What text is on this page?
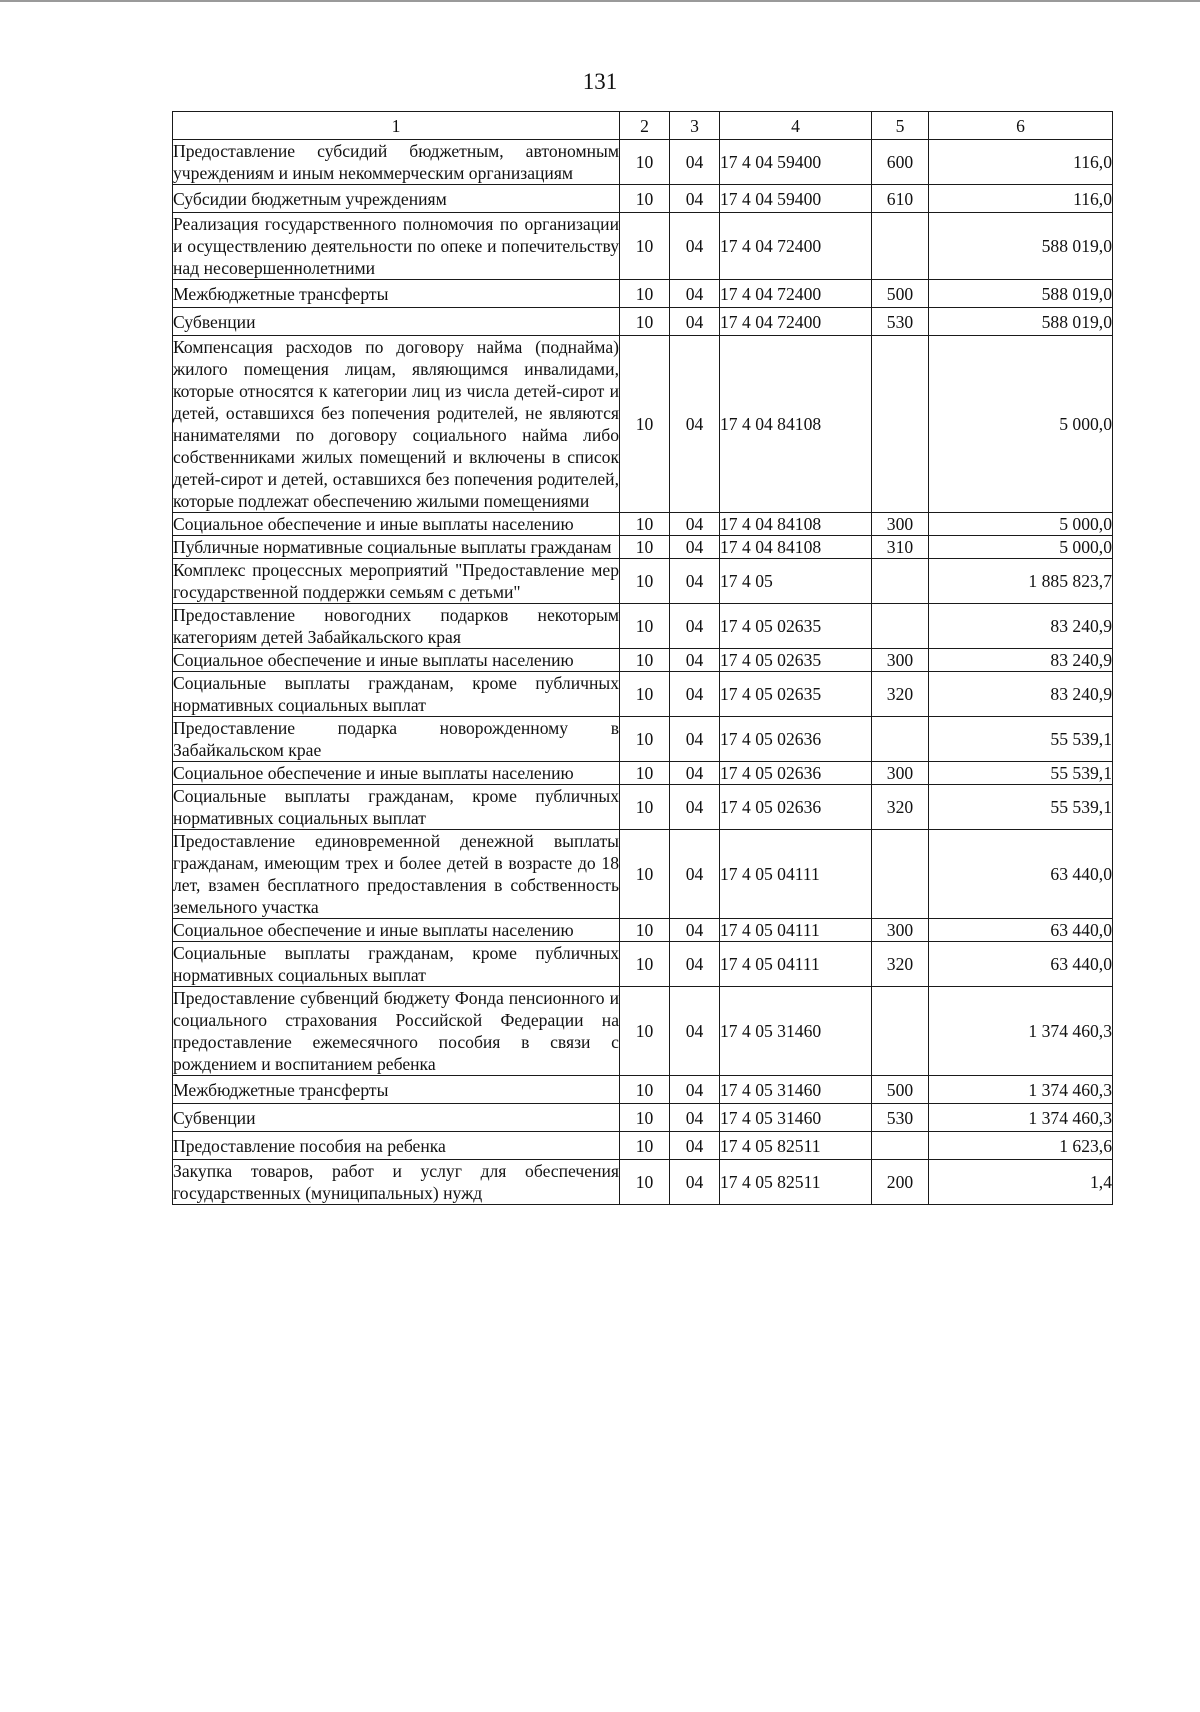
131
1	2	3	4	5	6
Предоставление субсидий бюджетным, автономным учреждениям и иным некоммерческим организациям	10	04	17 4 04 59400	600	116,0
Субсидии бюджетным учреждениям	10	04	17 4 04 59400	610	116,0
Реализация государственного полномочия по организации и осуществлению деятельности по опеке и попечительству над несовершеннолетними	10	04	17 4 04 72400		588 019,0
Межбюджетные трансферты	10	04	17 4 04 72400	500	588 019,0
Субвенции	10	04	17 4 04 72400	530	588 019,0
Компенсация расходов по договору найма (поднайма) жилого помещения лицам, являющимся инвалидами, которые относятся к категории лиц из числа детей-сирот и детей, оставшихся без попечения родителей, не являются нанимателями по договору социального найма либо собственниками жилых помещений и включены в список детей-сирот и детей, оставшихся без попечения родителей, которые подлежат обеспечению жилыми помещениями	10	04	17 4 04 84108		5 000,0
Социальное обеспечение и иные выплаты населению	10	04	17 4 04 84108	300	5 000,0
Публичные нормативные социальные выплаты гражданам	10	04	17 4 04 84108	310	5 000,0
Комплекс процессных мероприятий "Предоставление мер государственной поддержки семьям с детьми"	10	04	17 4 05		1 885 823,7
Предоставление новогодних подарков некоторым категориям детей Забайкальского края	10	04	17 4 05 02635		83 240,9
Социальное обеспечение и иные выплаты населению	10	04	17 4 05 02635	300	83 240,9
Социальные выплаты гражданам, кроме публичных нормативных социальных выплат	10	04	17 4 05 02635	320	83 240,9
Предоставление подарка новорожденному в Забайкальском крае	10	04	17 4 05 02636		55 539,1
Социальное обеспечение и иные выплаты населению	10	04	17 4 05 02636	300	55 539,1
Социальные выплаты гражданам, кроме публичных нормативных социальных выплат	10	04	17 4 05 02636	320	55 539,1
Предоставление единовременной денежной выплаты гражданам, имеющим трех и более детей в возрасте до 18 лет, взамен бесплатного предоставления в собственность земельного участка	10	04	17 4 05 04111		63 440,0
Социальное обеспечение и иные выплаты населению	10	04	17 4 05 04111	300	63 440,0
Социальные выплаты гражданам, кроме публичных нормативных социальных выплат	10	04	17 4 05 04111	320	63 440,0
Предоставление субвенций бюджету Фонда пенсионного и социального страхования Российской Федерации на предоставление ежемесячного пособия в связи с рождением и воспитанием ребенка	10	04	17 4 05 31460		1 374 460,3
Межбюджетные трансферты	10	04	17 4 05 31460	500	1 374 460,3
Субвенции	10	04	17 4 05 31460	530	1 374 460,3
Предоставление пособия на ребенка	10	04	17 4 05 82511		1 623,6
Закупка товаров, работ и услуг для обеспечения государственных (муниципальных) нужд	10	04	17 4 05 82511	200	1,4
